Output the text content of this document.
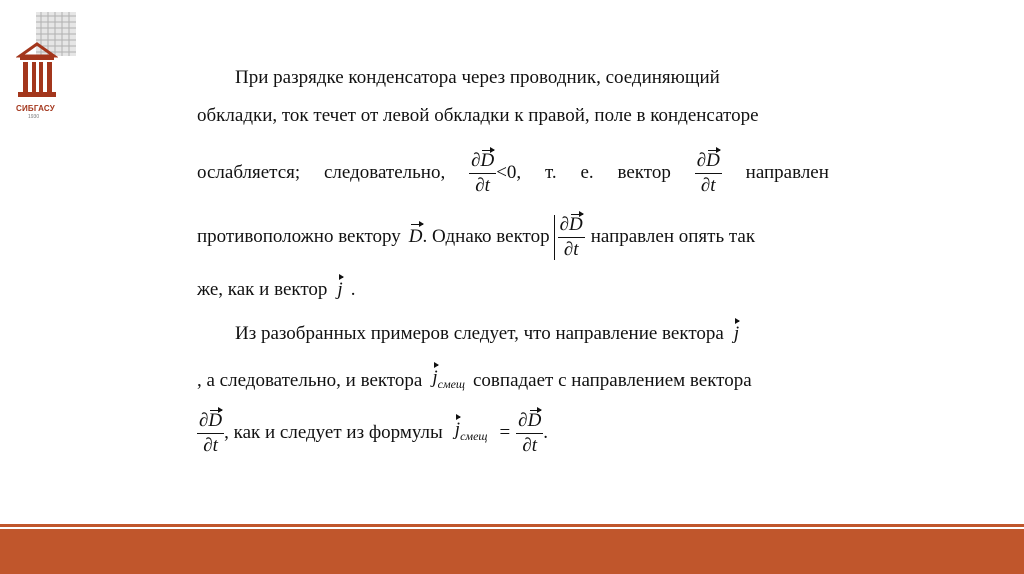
СИБГАСУ
1930
При разрядке конденсатора через проводник, соединяющий
обкладки, ток течет от левой обкладки к правой, поле в конденсаторе
ослабляется; следовательно, $\frac{\partial D}{\partial t} <0$, т. е. вектор $\frac{\partial D}{\partial t}$ направлен
противоположно вектору D . Однако вектор $\frac{\partial D}{\partial t}$ направлен опять так
же, как и вектор j .
Из разобранных примеров следует, что направление вектора j
, а следовательно, и вектора $j_{смещ}$ совпадает с направлением вектора
$\frac{\partial D}{\partial t}$ , как и следует из формулы $j_{смещ} = \frac{\partial D}{\partial t}$ .
